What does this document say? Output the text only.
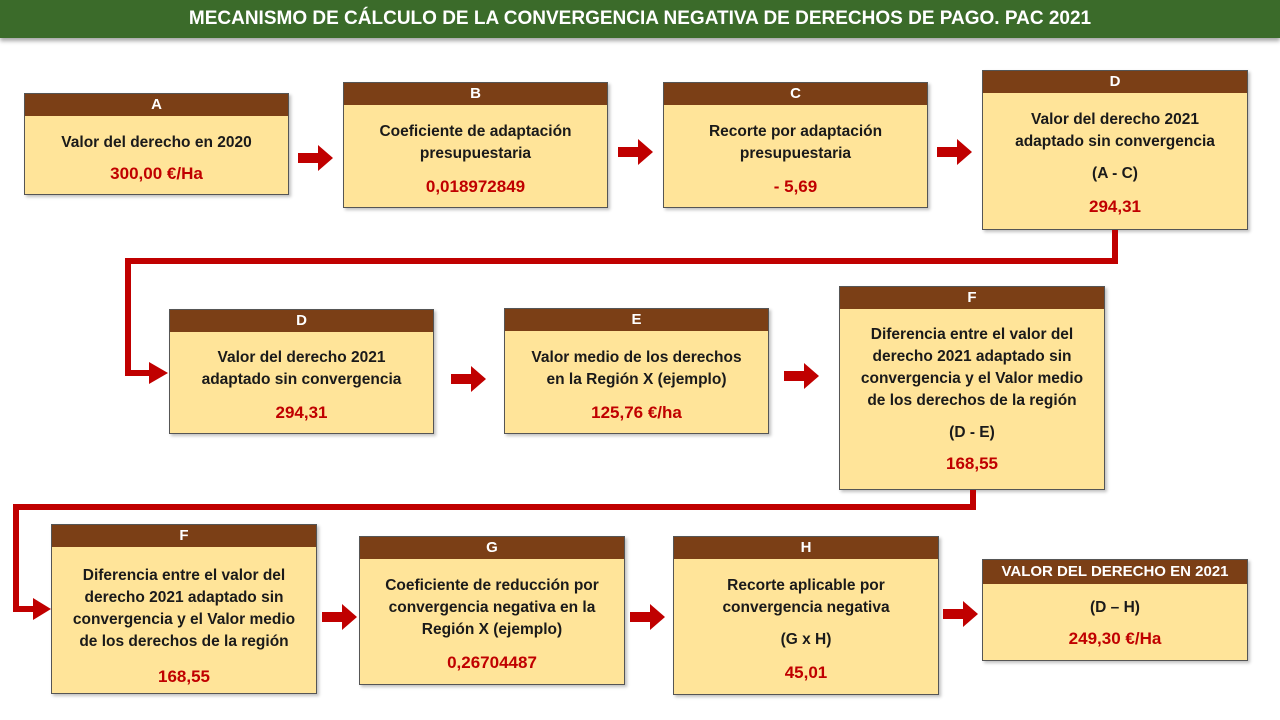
MECANISMO DE CÁLCULO DE LA CONVERGENCIA NEGATIVA DE DERECHOS DE PAGO. PAC 2021
A
Valor del derecho en 2020
300,00 €/Ha
B
Coeficiente de adaptación
presupuestaria
0,018972849
C
Recorte por adaptación
presupuestaria
- 5,69
D
Valor del derecho 2021
adaptado sin convergencia
(A - C)
294,31
D
Valor del derecho 2021
adaptado sin convergencia
294,31
E
Valor medio de los derechos
en la Región X (ejemplo)
125,76 €/ha
F
Diferencia entre el valor del
derecho 2021 adaptado sin
convergencia y el Valor medio
de los derechos de la región
(D - E)
168,55
F
Diferencia entre el valor del
derecho 2021 adaptado sin
convergencia y el Valor medio
de los derechos de la región
168,55
G
Coeficiente de reducción por
convergencia negativa en la
Región X (ejemplo)
0,26704487
H
Recorte aplicable por
convergencia negativa
(G x H)
45,01
VALOR DEL DERECHO EN 2021
(D – H)
249,30 €/Ha
